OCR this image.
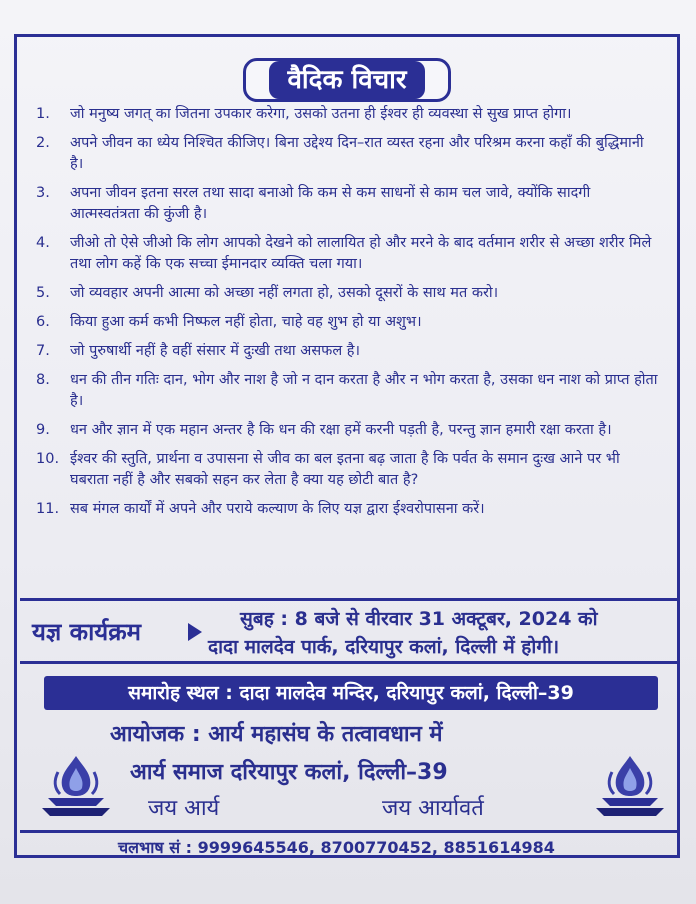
वैदिक विचार
1.	जो मनुष्य जगत् का जितना उपकार करेगा, उसको उतना ही ईश्वर ही व्यवस्था से सुख प्राप्त होगा।
2.	अपने जीवन का ध्येय निश्चित कीजिए। बिना उद्देश्य दिन–रात व्यस्त रहना और परिश्रम करना कहाँ की बुद्धिमानी है।
3.	अपना जीवन इतना सरल तथा सादा बनाओ कि कम से कम साधनों से काम चल जावे, क्योंकि सादगी आत्मस्वतंत्रता की कुंजी है।
4.	जीओ तो ऐसे जीओ कि लोग आपको देखने को लालायित हो और मरने के बाद वर्तमान शरीर से अच्छा शरीर मिले तथा लोग कहें कि एक सच्चा ईमानदार व्यक्ति चला गया।
5.	जो व्यवहार अपनी आत्मा को अच्छा नहीं लगता हो, उसको दूसरों के साथ मत करो।
6.	किया हुआ कर्म कभी निष्फल नहीं होता, चाहे वह शुभ हो या अशुभ।
7.	जो पुरुषार्थी नहीं है वहीं संसार में दुःखी तथा असफल है।
8.	धन की तीन गतिः दान, भोग और नाश है जो न दान करता है और न भोग करता है, उसका धन नाश को प्राप्त होता है।
9.	धन और ज्ञान में एक महान अन्तर है कि धन की रक्षा हमें करनी पड़ती है, परन्तु ज्ञान हमारी रक्षा करता है।
10. ईश्वर की स्तुति, प्रार्थना व उपासना से जीव का बल इतना बढ़ जाता है कि पर्वत के समान दुःख आने पर भी घबराता नहीं है और सबको सहन कर लेता है क्या यह छोटी बात है?
11. सब मंगल कार्यों में अपने और पराये कल्याण के लिए यज्ञ द्वारा ईश्वरोपासना करें।
यज्ञ कार्यक्रम	सुबह : 8 बजे से वीरवार 31 अक्टूबर, 2024 को
दादा मालदेव पार्क, दरियापुर कलां, दिल्ली में होगी।
समारोह स्थल : दादा मालदेव मन्दिर, दरियापुर कलां, दिल्ली–39
आयोजक : आर्य महासंघ के तत्वावधान में
आर्य समाज दरियापुर कलां, दिल्ली–39
जय आर्य	जय आर्यावर्त
चलभाष सं : 9999645546, 8700770452, 8851614984
